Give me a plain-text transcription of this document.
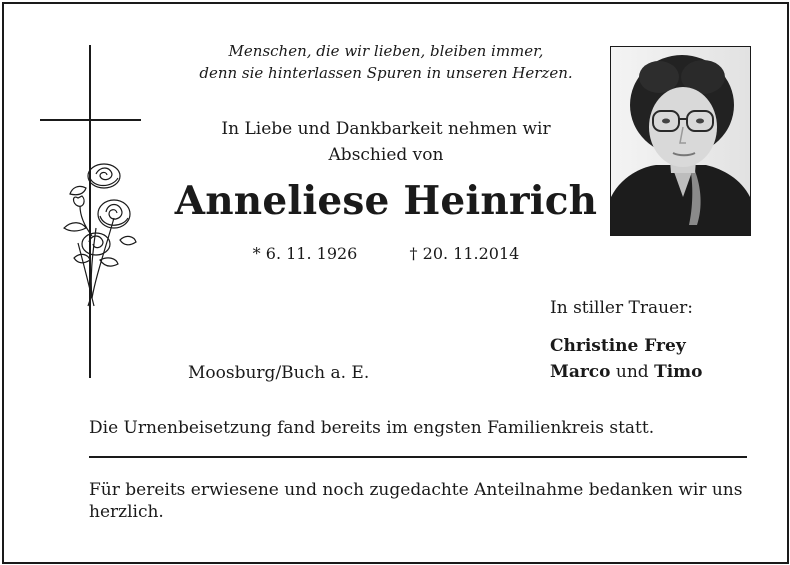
Menschen, die wir lieben, bleiben immer,
denn sie hinterlassen Spuren in unseren Herzen.
In Liebe und Dankbarkeit nehmen wir
Abschied von
Anneliese Heinrich
* 6. 11. 1926	† 20. 11.2014
In stiller Trauer:
Christine Frey
Marco und Timo
Moosburg/Buch a. E.
Die Urnenbeisetzung fand bereits im engsten Familienkreis statt.
Für bereits erwiesene und noch zugedachte Anteilnahme bedanken wir uns herzlich.
